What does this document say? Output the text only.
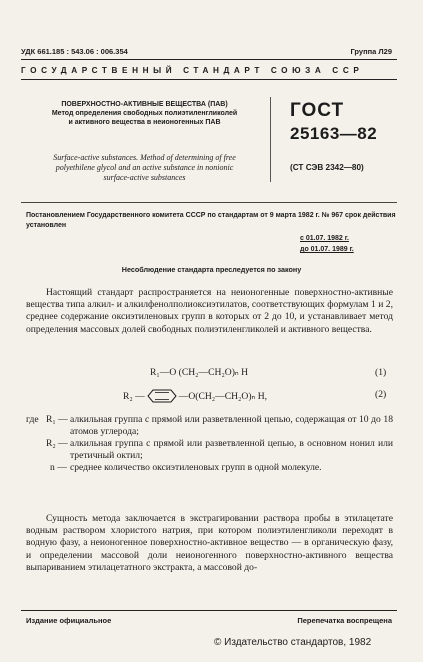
УДК 661.185 : 543.06 : 006.354	Группа Л29
ГОСУДАРСТВЕННЫЙ СТАНДАРТ СОЮЗА ССР
ПОВЕРХНОСТНО-АКТИВНЫЕ ВЕЩЕСТВА (ПАВ)
Метод определения свободных полиэтиленгликолей
и активного вещества в неионогенных ПАВ
Surface-active substances. Method of determining of free
polyethilene glycol and an active substance in nonionic
surface-active substances
ГОСТ
25163—82
(СТ СЭВ 2342—80)
Постановлением Государственного комитета СССР по стандартам от 9 марта 1982 г. № 967 срок действия установлен
с 01.07. 1982 г.
до 01.07. 1989 г.
Несоблюдение стандарта преследуется по закону
Настоящий стандарт распространяется на неионогенные поверхностно-активные вещества типа алкил- и алкилфенолполиоксиэтилатов, соответствующих формулам 1 и 2, среднее содержание оксиэтиленовых групп в которых от 2 до 10, и устанавливает метод определения массовых долей свободных полиэтиленгликолей и активного вещества.
R₁—O (CH₂—CH₂O)ₙ H	(1)
R₂ —	—O(CH₂—CH₂O)ₙ H,	(2)
где R₁ — алкильная группа с прямой или разветвленной цепью, содержащая от 10 до 18 атомов углерода;
R₂ — алкильная группа с прямой или разветвленной цепью, в основном нонил или третичный октил;
n — среднее количество оксиэтиленовых групп в одной молекуле.
Сущность метода заключается в экстрагировании раствора пробы в этилацетате водным раствором хлористого натрия, при котором полиэтиленгликоли переходят в водную фазу, а неионогенное поверхностно-активное вещество — в органическую фазу, и определении массовой доли неионогенного поверхностно-активного вещества выпариванием этилацетатного экстракта, а массовой до-
Издание официальное	Перепечатка воспрещена
© Издательство стандартов, 1982
